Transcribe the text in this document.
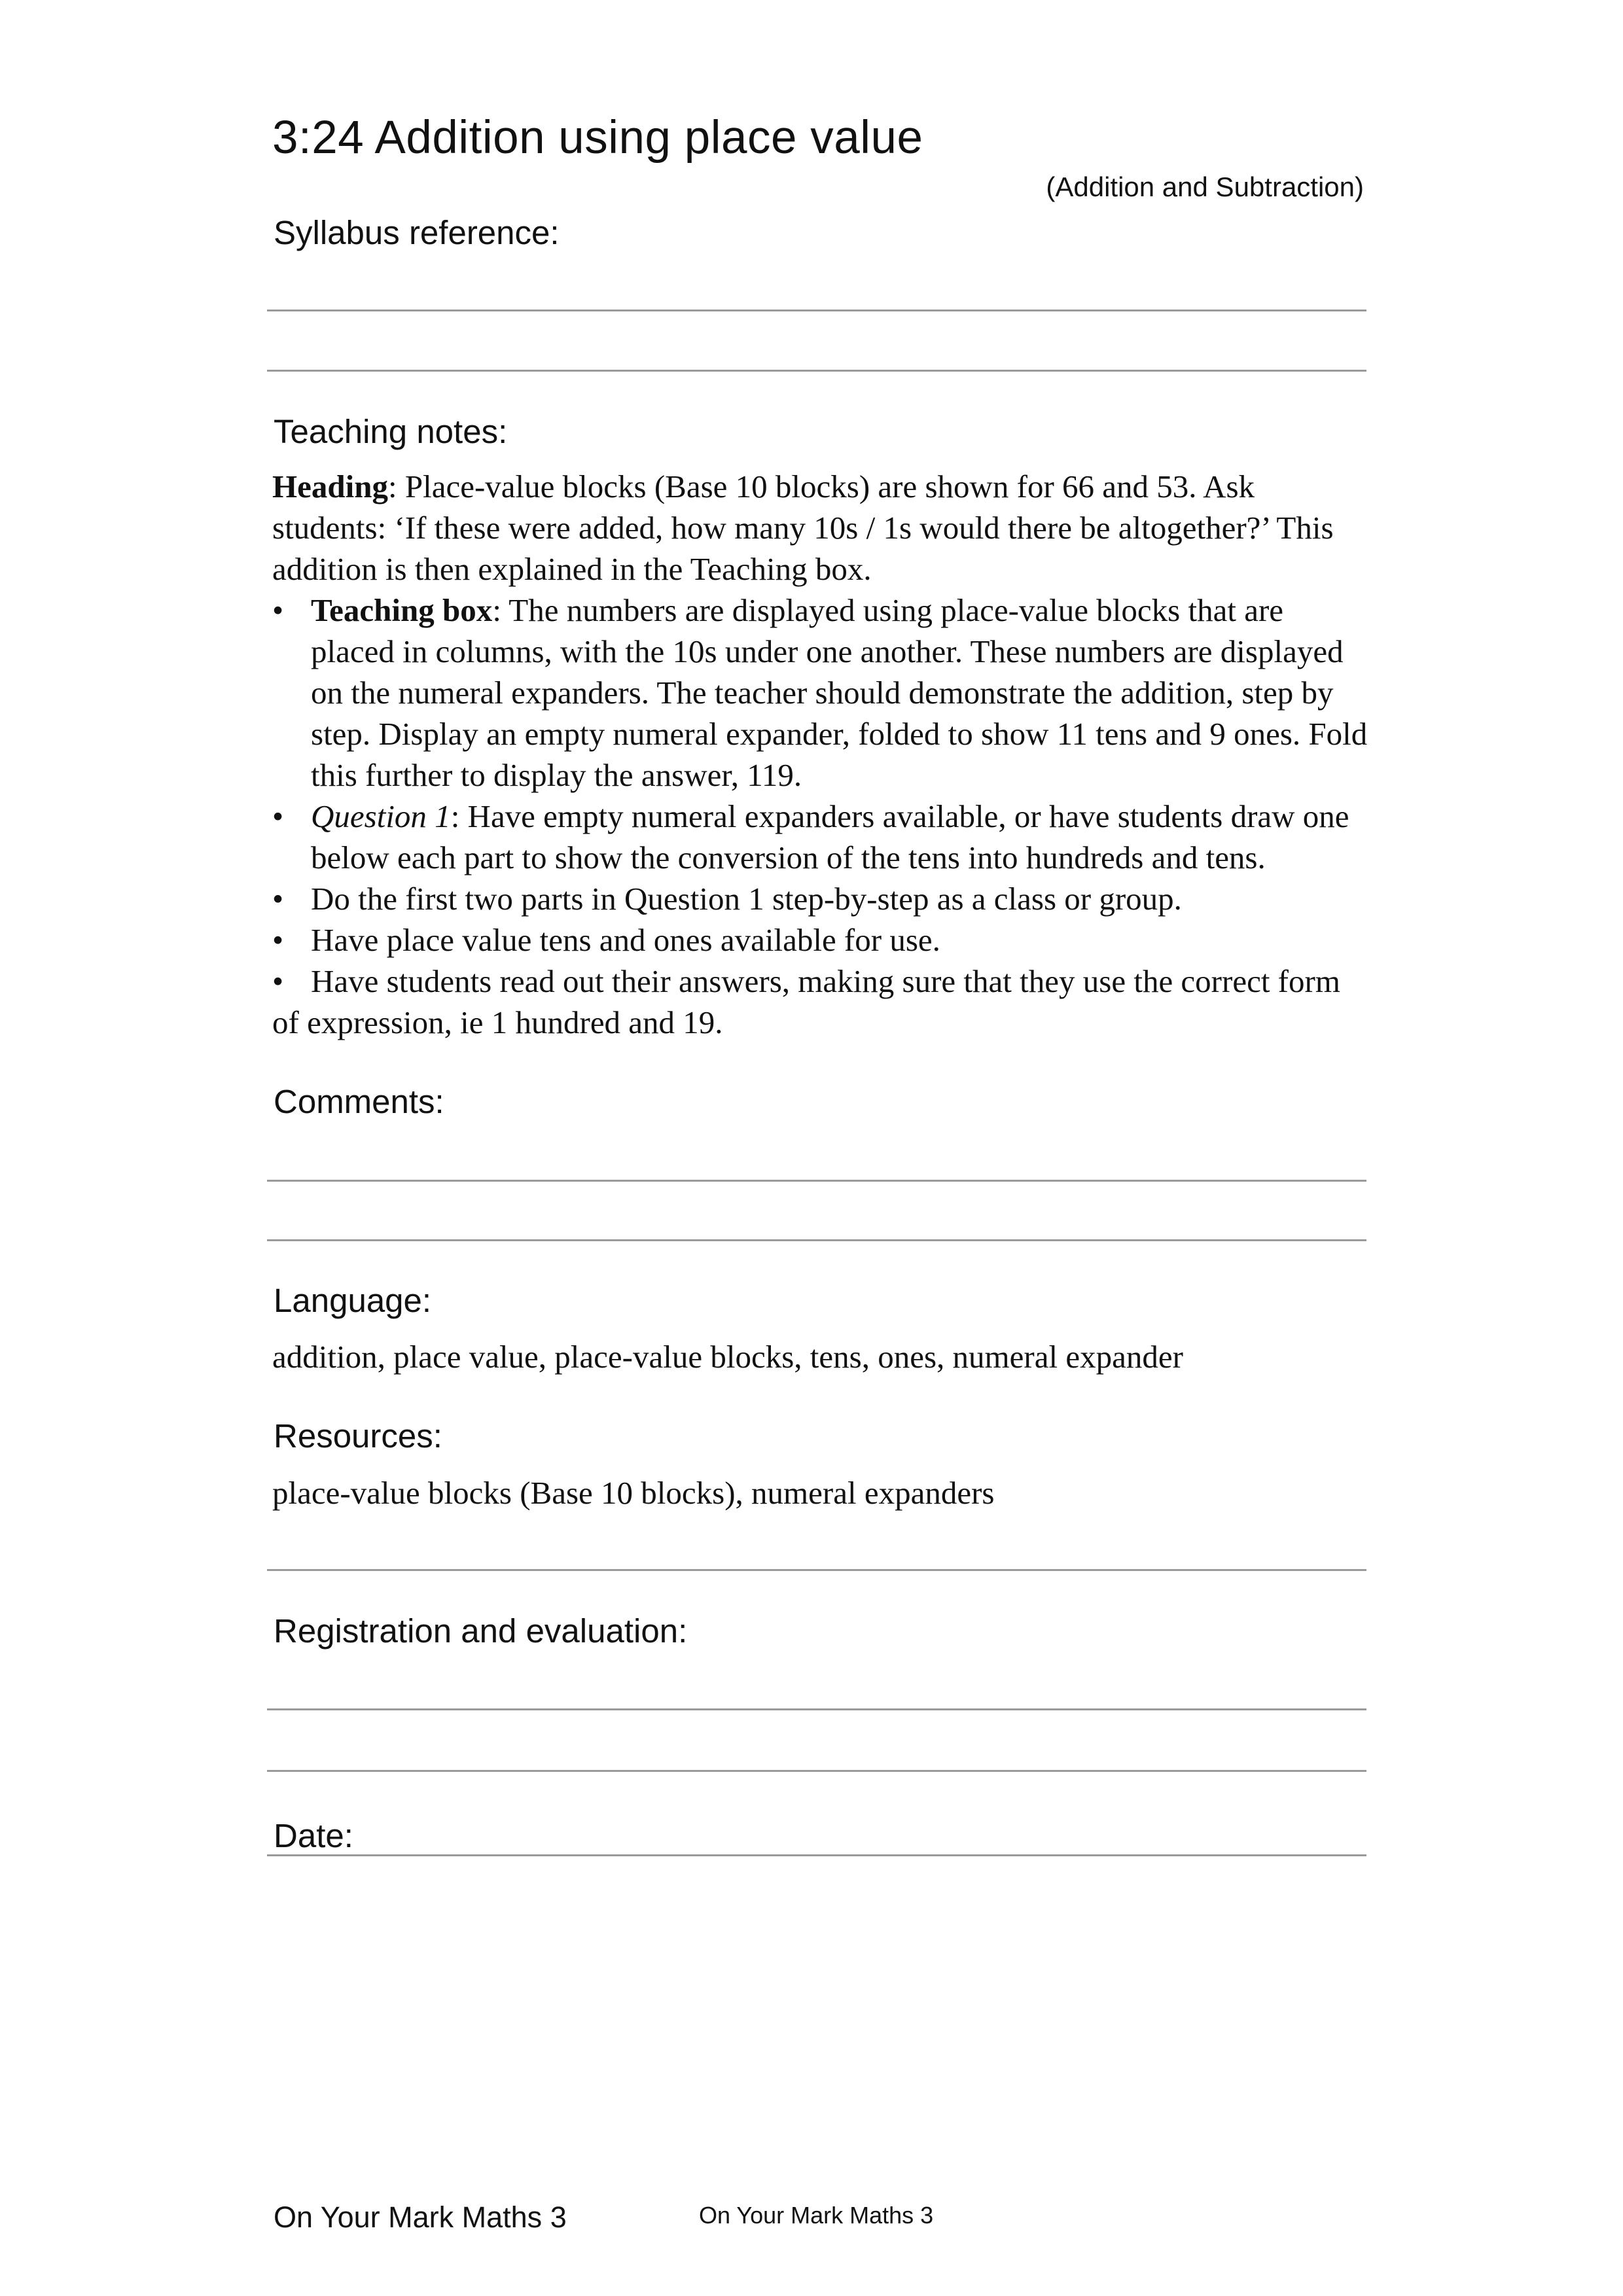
3:24 Addition using place value
(Addition and Subtraction)
Syllabus reference:
Teaching notes:

Heading: Place-value blocks (Base 10 blocks) are shown for 66 and 53. Ask students: ‘If these were added, how many 10s / 1s would there be altogether?’ This addition is then explained in the Teaching box.

• Teaching box: The numbers are displayed using place-value blocks that are placed in columns, with the 10s under one another. These numbers are displayed on the numeral expanders. The teacher should demonstrate the addition, step by step. Display an empty numeral expander, folded to show 11 tens and 9 ones. Fold this further to display the answer, 119.
• Question 1: Have empty numeral expanders available, or have students draw one below each part to show the conversion of the tens into hundreds and tens.
• Do the first two parts in Question 1 step-by-step as a class or group.
• Have place value tens and ones available for use.
• Have students read out their answers, making sure that they use the correct form of expression, ie 1 hundred and 19.
Comments:
Language:
addition, place value, place-value blocks, tens, ones, numeral expander
Resources:
place-value blocks (Base 10 blocks), numeral expanders
Registration and evaluation:
Date:
On Your Mark Maths 3	On Your Mark Maths 3
